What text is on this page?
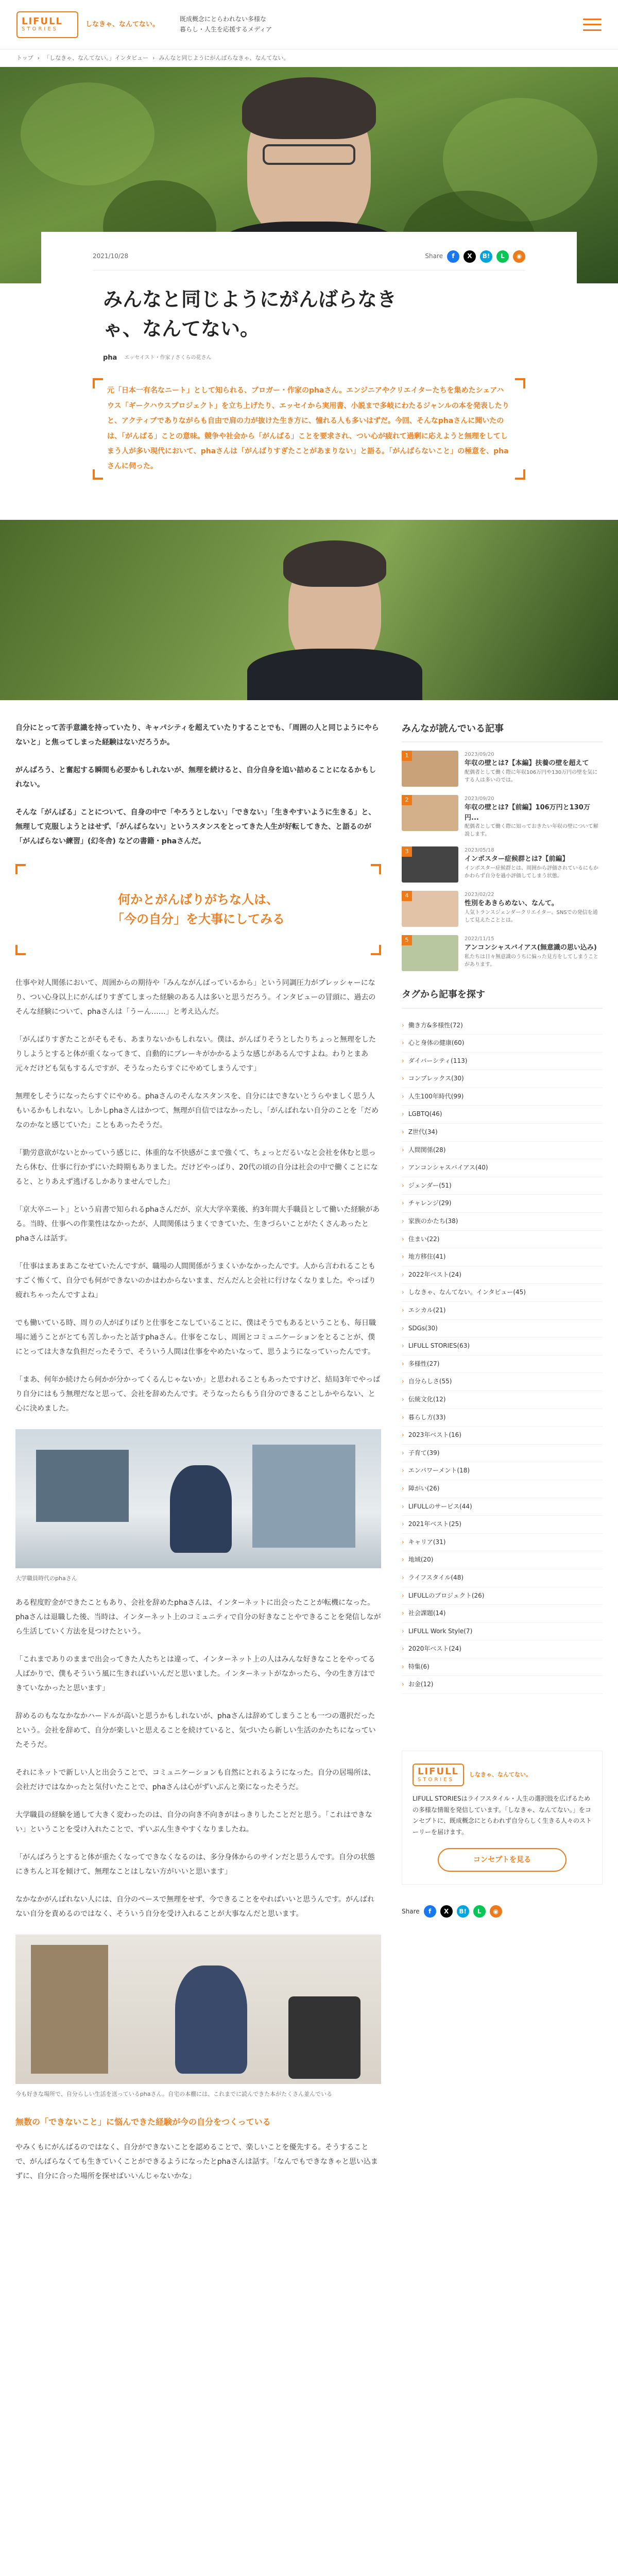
LIFULL
STORIES
しなきゃ、なんてない。
既成概念にとらわれない多様な
暮らし・人生を応援するメディア
トップ › 「しなきゃ、なんてない。」インタビュー › みんなと同じようにがんばらなきゃ、なんてない。
2021/10/28	Share	f	X	B!	L	◉
みんなと同じようにがんばらなき
ゃ、なんてない。
pha エッセイスト・作家 / さくらの花さん
元「日本一有名なニート」として知られる、ブロガー・作家のphaさん。エンジニアやクリエイターたちを集めたシェアハウス「ギークハウスプロジェクト」を立ち上げたり、エッセイから実用書、小説まで多岐にわたるジャンルの本を発表したりと、アクティブでありながらも自由で肩の力が抜けた生き方に、憧れる人も多いはずだ。今回、そんなphaさんに聞いたのは、「がんばる」ことの意味。競争や社会から「がんばる」ことを要求され、つい心が疲れて過剰に応えようと無理をしてしまう人が多い現代において、phaさんは「がんばりすぎたことがあまりない」と語る。「がんばらないこと」の極意を、phaさんに伺った。

自分にとって苦手意識を持っていたり、キャパシティを超えていたりすることでも、「周囲の人と同じようにやらないと」と焦ってしまった経験はないだろうか。

がんばろう、と奮起する瞬間も必要かもしれないが、無理を続けると、自分自身を追い詰めることになるかもしれない。

そんな「がんばる」ことについて、自身の中で「やろうとしない」「できない」「生きやすいように生きる」と、無理して克服しようとはせず、「がんばらない」というスタンスをとってきた人生が好転してきた、と語るのが「がんばらない練習」(幻冬舎) などの書籍・phaさんだ。

何かとがんばりがちな人は、
「今の自分」を大事にしてみる

仕事や対人関係において、周囲からの期待や「みんながんばっているから」という同調圧力がプレッシャーになり、つい心身以上にがんばりすぎてしまった経験のある人は多いと思うだろう。インタビューの冒頭に、過去のそんな経験について、phaさんは「うーん……」と考え込んだ。

「がんばりすぎたことがそもそも、あまりないかもしれない。僕は、がんばりそうとしたりちょっと無理をしたりしようとすると体が重くなってきて、自動的にブレーキがかかるような感じがあるんですよね。わりとまあ元々だけども気もするんですが、そうなったらすぐにやめてしまうんです」

無理をしそうになったらすぐにやめる。phaさんのそんなスタンスを、自分にはできないとうらやましく思う人もいるかもしれない。しかしphaさんはかつて、無理が自信ではなかったし、「がんばれない自分のことを「だめなのかなと感じていた」こともあったそうだ。

「勤労意欲がないとかっていう感じに、体重的な不快感がこまで強くて、ちょっとだるいなと会社を休むと思ったら休む、仕事に行かずにいた時期もありました。だけどやっぱり、20代の頃の自分は社会の中で働くことになると、とりあえず逃げるしかありませんでした」

「京大卒ニート」という肩書で知られるphaさんだが、京大大学卒業後、約3年間大手職員として働いた経験がある。当時、仕事への作業性はなかったが、人間関係はうまくできていた、生きづらいことがたくさんあったとphaさんは話す。

「仕事はまあまあこなせていたんですが、職場の人間関係がうまくいかなかったんです。人から言われることもすごく怖くて、自分でも何ができないのかはわからないまま、だんだんと会社に行けなくなりました。やっぱり疲れちゃったんですよね」

でも働いている時、周りの人がばりばりと仕事をこなしていることに、僕はそうでもあるということも、毎日職場に通うことがとても苦しかったと話すphaさん。仕事をこなし、周囲とコミュニケーションをとることが、僕にとっては大きな負担だったそうで、そういう人間は仕事をやめたいなって、思うようになっていったんです。

「まあ、何年か続けたら何かが分かってくるんじゃないか」と思われることもあったですけど、結局3年でやっぱり自分にはもう無理だなと思って、会社を辞めたんです。そうなったらもう自分のできることしかやらない、と心に決めました。

大学職員時代のphaさん

ある程度貯金ができたこともあり、会社を辞めたphaさんは、インターネットに出会ったことが転機になった。phaさんは退職した後、当時は、インターネット上のコミュニティで自分の好きなことやできることを発信しながら生活していく方法を見つけたという。

「これまでありのままで出会ってきた人たちとは違って、インターネット上の人はみんな好きなことをやってる人ばかりで、僕もそういう風に生きればいいんだと思いました。インターネットがなかったら、今の生き方はできていなかったと思います」

辞めるのもななかなかハードルが高いと思うかもしれないが、phaさんは辞めてしまうことも一つの選択だったという。会社を辞めて、自分が楽しいと思えることを続けていると、気づいたら新しい生活のかたちになっていたそうだ。

それにネットで新しい人と出会うことで、コミュニケーションも自然にとれるようになった。自分の居場所は、会社だけではなかったと気付いたことで、phaさんは心がずいぶんと楽になったそうだ。

大学職員の経験を通して大きく変わったのは、自分の向き不向きがはっきりしたことだと思う。「これはできない」ということを受け入れたことで、ずいぶん生きやすくなりましたね。

「がんばろうとすると体が重たくなってできなくなるのは、多分身体からのサインだと思うんです。自分の状態にきちんと耳を傾けて、無理なことはしない方がいいと思います」

なかなかがんばれない人には、自分のペースで無理をせず、今できることをやればいいと思うんです。がんばれない自分を責めるのではなく、そういう自分を受け入れることが大事なんだと思います。

今も好きな場所で、自分らしい生活を送っているphaさん。自宅の本棚には、これまでに読んできた本がたくさん並んでいる
無数の「できないこと」に悩んできた経験が今の自分をつくっている

やみくもにがんばるのではなく、自分ができないことを認めることで、楽しいことを優先する。そうすることで、がんばらなくても生きていくことができるようになったとphaさんは話す。「なんでもできなきゃと思い込まずに、自分に合った場所を探せばいいんじゃないかな」

みんなが読んでいる記事
1	2023/09/20
年収の壁とは?【本編】扶養の壁を超えて
配偶者として働く際に年収106万円や130万円の壁を気にする人は多いのでは。
2	2023/09/20
年収の壁とは?【前編】106万円と130万円...
配偶者として働く際に知っておきたい年収の壁について解説します。
3	2023/05/18
インポスター症候群とは?【前編】
インポスター症候群とは、周囲から評価されているにもかかわらず自分を過小評価してしまう状態。
4	2023/02/22
性別をあきらめない、なんて。
人気トランスジェンダークリエイター。SNSでの発信を通して見えたこととは。
5	2022/11/15
アンコンシャスバイアス(無意識の思い込み)
私たちは日々無意識のうちに偏った見方をしてしまうことがあります。
タグから記事を探す
› 働き方&多様性(72)
› 心と身体の健康(60)
› ダイバーシティ(113)
› コンプレックス(30)
› 人生100年時代(99)
› LGBTQ(46)
› Z世代(34)
› 人間関係(28)
› アンコンシャスバイアス(40)
› ジェンダー(51)
› チャレンジ(29)
› 家族のかたち(38)
› 住まい(22)
› 地方移住(41)
› 2022年ベスト(24)
› しなきゃ、なんてない。インタビュー(45)
› エシカル(21)
› SDGs(30)
› LIFULL STORIES(63)
› 多様性(27)
› 自分らしさ(55)
› 伝統文化(12)
› 暮らし方(33)
› 2023年ベスト(16)
› 子育て(39)
› エンパワーメント(18)
› 障がい(26)
› LIFULLのサービス(44)
› 2021年ベスト(25)
› キャリア(31)
› 地域(20)
› ライフスタイル(48)
› LIFULLのプロジェクト(26)
› 社会課題(14)
› LIFULL Work Style(7)
› 2020年ベスト(24)
› 特集(6)
› お金(12)
LIFULL
STORIES
しなきゃ、なんてない。

LIFULL STORIESはライフスタイル・人生の選択肢を広げるための多様な情報を発信しています。「しなきゃ、なんてない。」をコンセプトに、既成概念にとらわれず自分らしく生きる人々のストーリーを届けます。

コンセプトを見る
Share	f	X	B!	L	◉
